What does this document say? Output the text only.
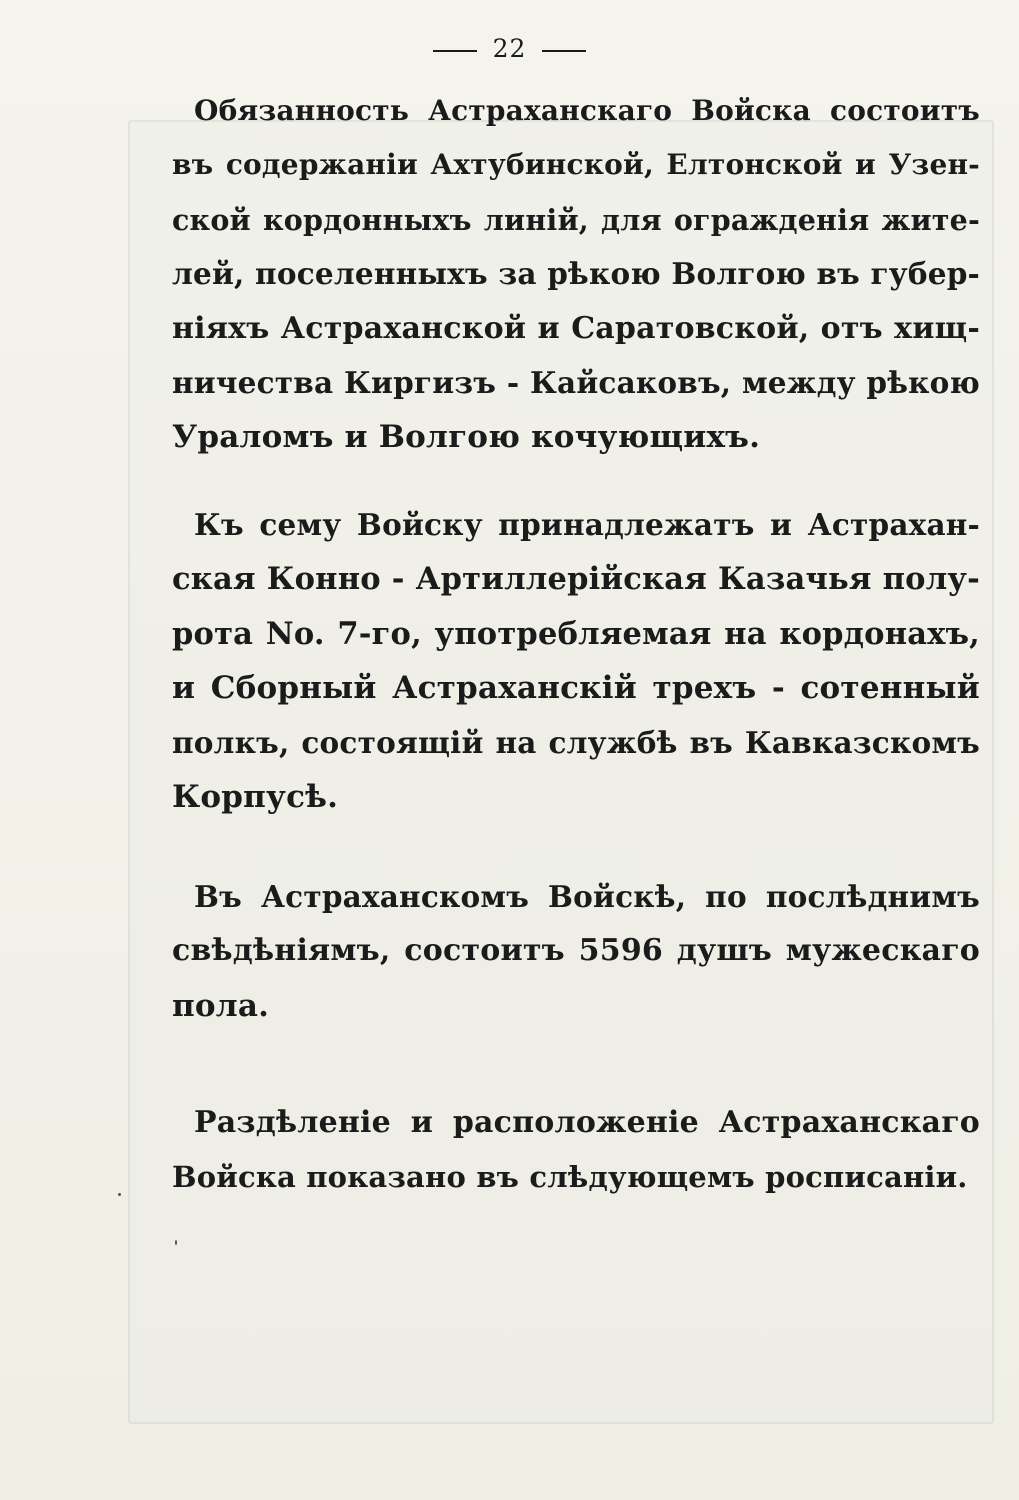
22
Обязанность Астраханскаго Войска состоитъ
въ содержаніи Ахтубинской, Елтонской и Узен-
ской кордонныхъ линій, для огражденія жите-
лей, поселенныхъ за рѣкою Волгою въ губер-
ніяхъ Астраханской и Саратовской, отъ хищ-
ничества Киргизъ - Кайсаковъ, между рѣкою
Ураломъ и Волгою кочующихъ.
Къ сему Войску принадлежатъ и Астрахан-
ская Конно - Артиллерійская Казачья полу-
рота No. 7-го, употребляемая на кордонахъ,
и Сборный Астраханскій трехъ - сотенный
полкъ, состоящій на службѣ въ Кавказскомъ
Корпусѣ.
Въ Астраханскомъ Войскѣ, по послѣднимъ
свѣдѣніямъ, состоитъ 5596 душъ мужескаго
пола.
Раздѣленіе и расположеніе Астраханскаго
Войска показано въ слѣдующемъ росписаніи.
